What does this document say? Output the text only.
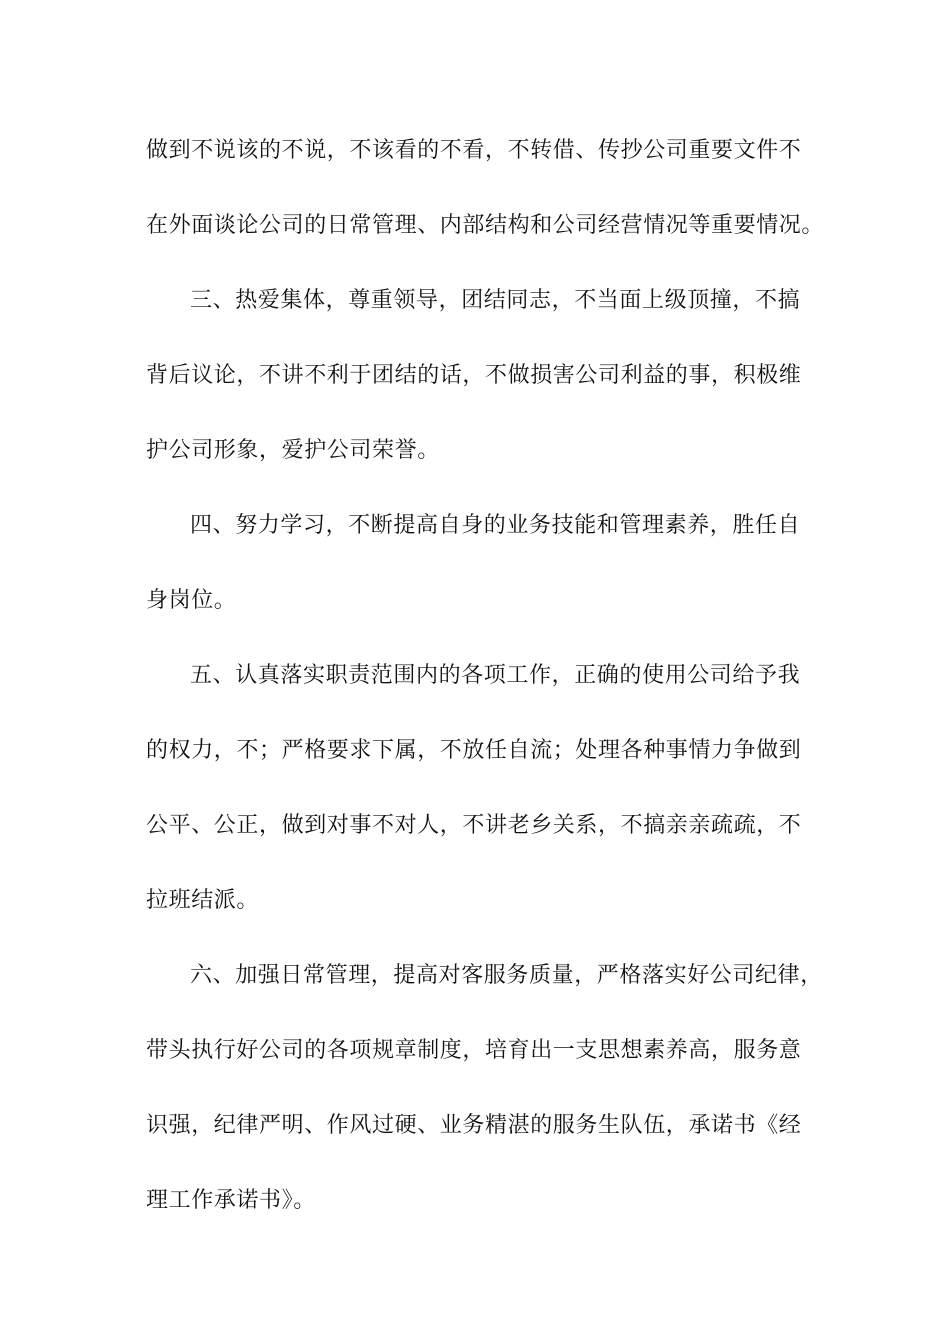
做到不说该的不说，不该看的不看，不转借、传抄公司重要文件不
在外面谈论公司的日常管理、内部结构和公司经营情况等重要情况。
三、热爱集体，尊重领导，团结同志，不当面上级顶撞，不搞
背后议论，不讲不利于团结的话，不做损害公司利益的事，积极维
护公司形象，爱护公司荣誉。
四、努力学习，不断提高自身的业务技能和管理素养，胜任自
身岗位。
五、认真落实职责范围内的各项工作，正确的使用公司给予我
的权力，不；严格要求下属，不放任自流；处理各种事情力争做到
公平、公正，做到对事不对人，不讲老乡关系，不搞亲亲疏疏，不
拉班结派。
六、加强日常管理，提高对客服务质量，严格落实好公司纪律，
带头执行好公司的各项规章制度，培育出一支思想素养高，服务意
识强，纪律严明、作风过硬、业务精湛的服务生队伍，承诺书《经
理工作承诺书》。
